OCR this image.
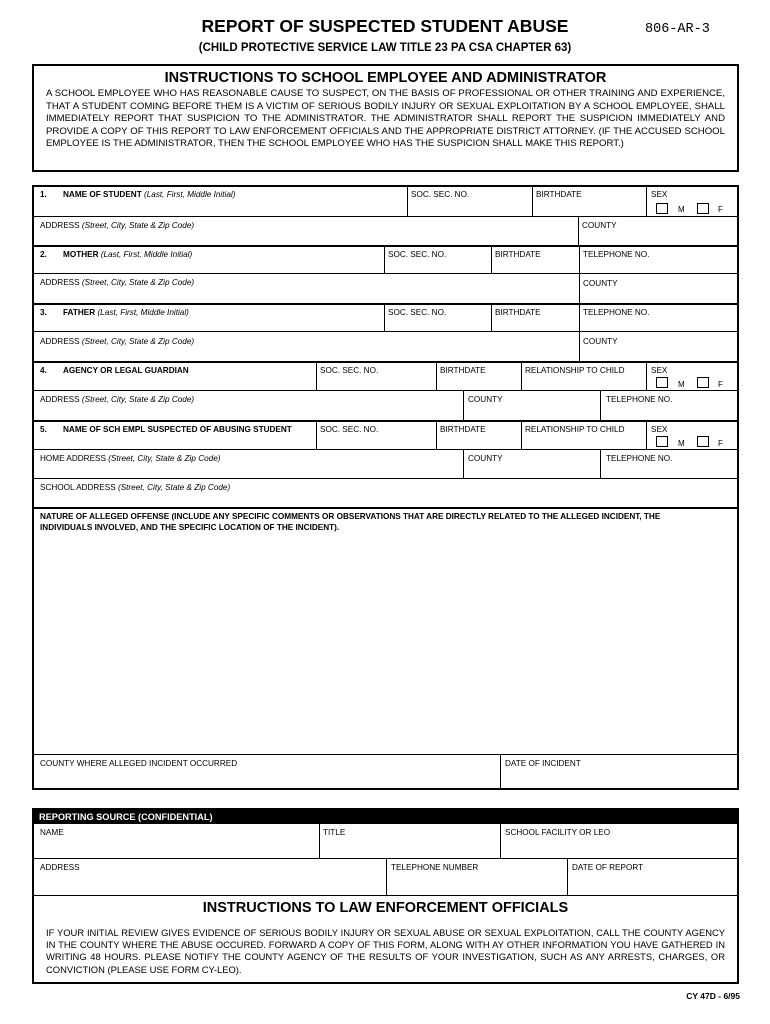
REPORT OF SUSPECTED STUDENT ABUSE	806-AR-3
(CHILD PROTECTIVE SERVICE LAW TITLE 23 PA CSA CHAPTER 63)
INSTRUCTIONS TO SCHOOL EMPLOYEE AND ADMINISTRATOR
A SCHOOL EMPLOYEE WHO HAS REASONABLE CAUSE TO SUSPECT, ON THE BASIS OF PROFESSIONAL OR OTHER TRAINING AND EXPERIENCE, THAT A STUDENT COMING BEFORE THEM IS A VICTIM OF SERIOUS BODILY INJURY OR SEXUAL EXPLOITATION BY A SCHOOL EMPLOYEE, SHALL IMMEDIATELY REPORT THAT SUSPICION TO THE ADMINISTRATOR. THE ADMINISTRATOR SHALL REPORT THE SUSPICION IMMEDIATELY AND PROVIDE A COPY OF THIS REPORT TO LAW ENFORCEMENT OFFICIALS AND THE APPROPRIATE DISTRICT ATTORNEY. (IF THE ACCUSED SCHOOL EMPLOYEE IS THE ADMINISTRATOR, THEN THE SCHOOL EMPLOYEE WHO HAS THE SUSPICION SHALL MAKE THIS REPORT.)
1. NAME OF STUDENT (Last, First, Middle Initial)	SOC. SEC. NO.	BIRTHDATE	SEX
M	F
ADDRESS (Street, City, State & Zip Code)	COUNTY
2. MOTHER (Last, First, Middle Initial)	SOC. SEC. NO.	BIRTHDATE	TELEPHONE NO.
ADDRESS (Street, City, State & Zip Code)	COUNTY
3. FATHER (Last, First, Middle Initial)	SOC. SEC. NO.	BIRTHDATE	TELEPHONE NO.
ADDRESS (Street, City, State & Zip Code)	COUNTY
4. AGENCY OR LEGAL GUARDIAN	SOC. SEC. NO.	BIRTHDATE	RELATIONSHIP TO CHILD	SEX
M	F
ADDRESS (Street, City, State & Zip Code)	COUNTY	TELEPHONE NO.
5. NAME OF SCH EMPL SUSPECTED OF ABUSING STUDENT	SOC. SEC. NO.	BIRTHDATE	RELATIONSHIP TO CHILD	SEX
M	F
HOME ADDRESS (Street, City, State & Zip Code)	COUNTY	TELEPHONE NO.
SCHOOL ADDRESS (Street, City, State & Zip Code)
NATURE OF ALLEGED OFFENSE (INCLUDE ANY SPECIFIC COMMENTS OR OBSERVATIONS THAT ARE DIRECTLY RELATED TO THE ALLEGED INCIDENT, THE
INDIVIDUALS INVOLVED, AND THE SPECIFIC LOCATION OF THE INCIDENT).
COUNTY WHERE ALLEGED INCIDENT OCCURRED	DATE OF INCIDENT
REPORTING SOURCE (CONFIDENTIAL)
NAME	TITLE	SCHOOL FACILITY OR LEO
ADDRESS	TELEPHONE NUMBER	DATE OF REPORT
INSTRUCTIONS TO LAW ENFORCEMENT OFFICIALS
IF YOUR INITIAL REVIEW GIVES EVIDENCE OF SERIOUS BODILY INJURY OR SEXUAL ABUSE OR SEXUAL EXPLOITATION, CALL THE COUNTY AGENCY IN THE COUNTY WHERE THE ABUSE OCCURED. FORWARD A COPY OF THIS FORM, ALONG WITH AY OTHER INFORMATION YOU HAVE GATHERED IN WRITING 48 HOURS. PLEASE NOTIFY THE COUNTY AGENCY OF THE RESULTS OF YOUR INVESTIGATION, SUCH AS ANY ARRESTS, CHARGES, OR CONVICTION (PLEASE USE FORM CY-LEO).
CY 47D - 6/95
